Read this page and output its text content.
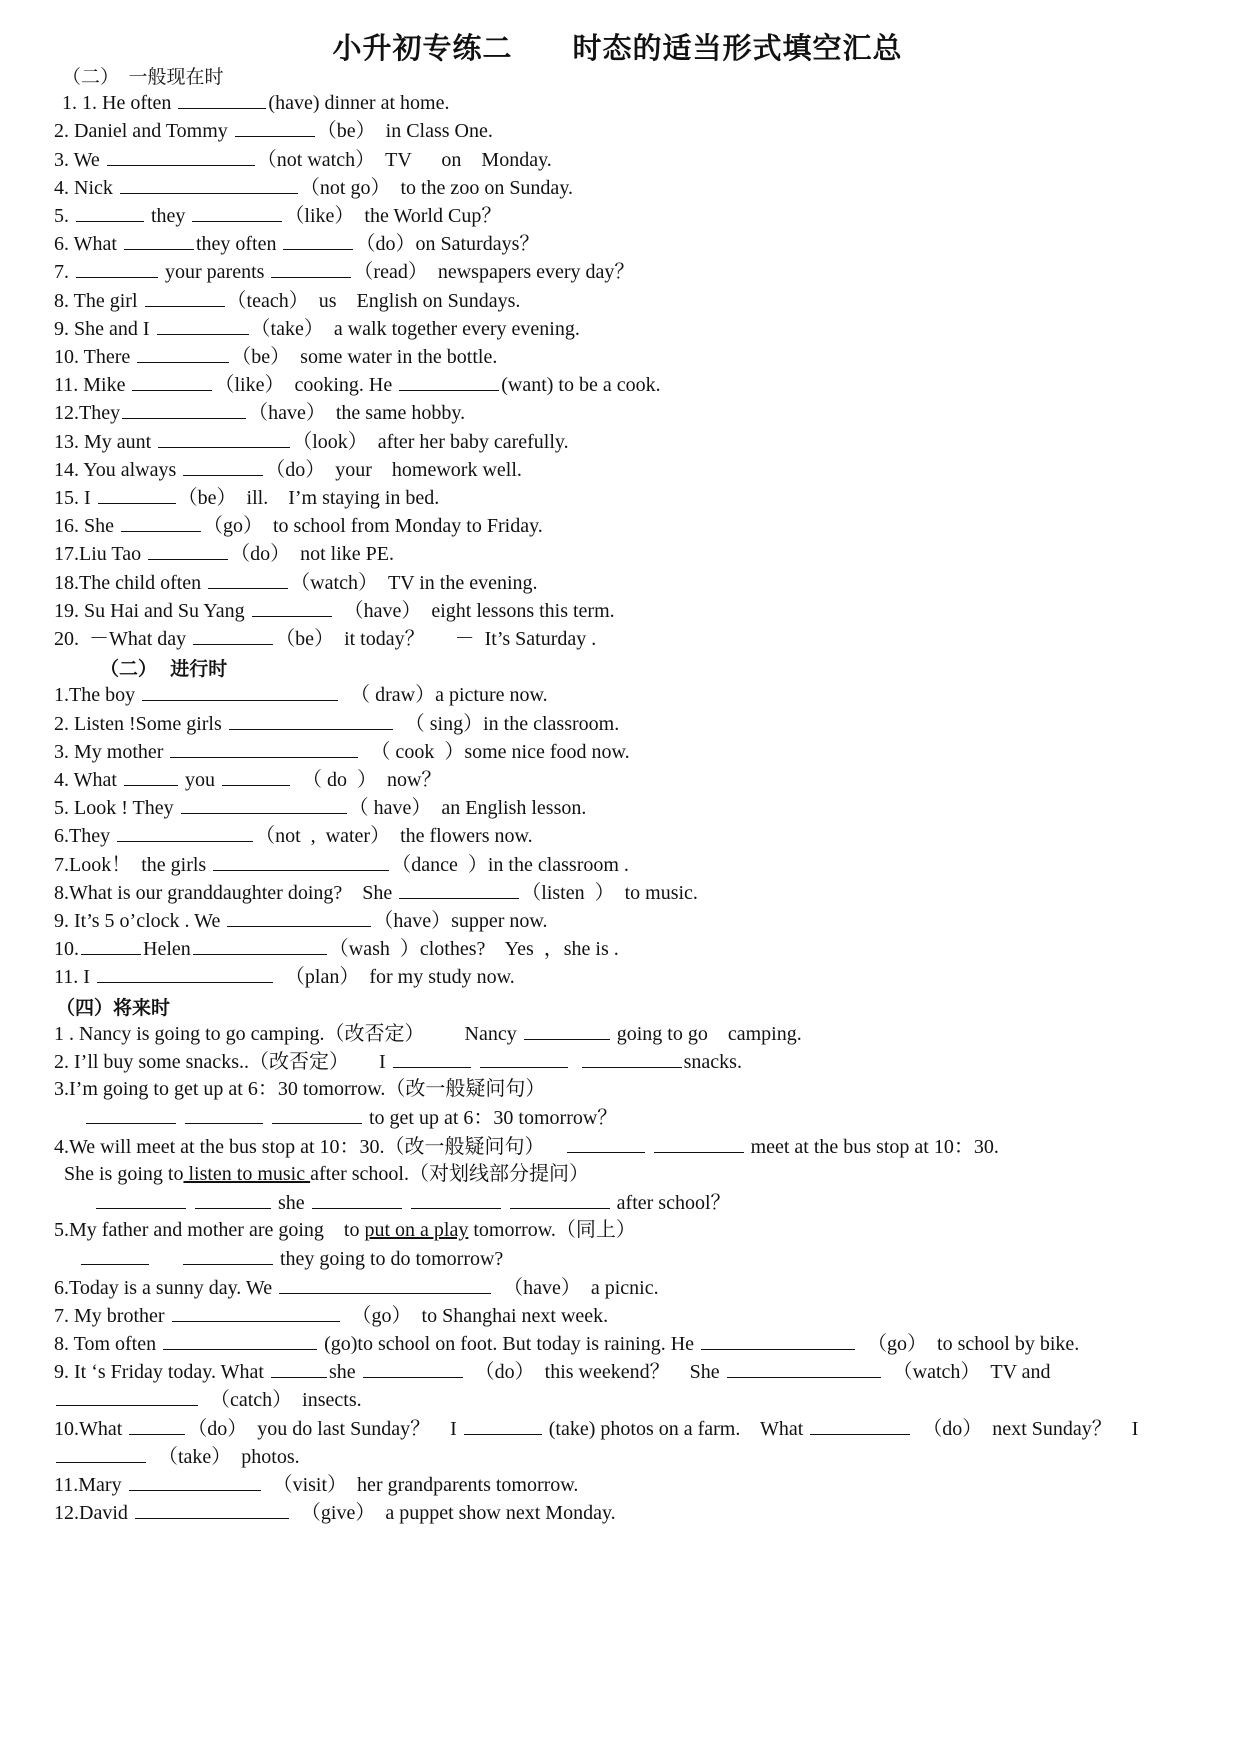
小升初专练二　　时态的适当形式填空汇总
（二）　一般现在时
1. 1. He often	(have) dinner at home.
2. Daniel and Tommy	（be）  in Class One.
3. We	（not watch）  TV      on    Monday.
4. Nick	（not go）  to the zoo on Sunday.
5.	they	（like）  the World Cup？
6. What	they often	（do）on Saturdays？
7.	your parents	（read）  newspapers every day？
8. The girl	（teach）  us    English on Sundays.
9. She and I	（take）  a walk together every evening.
10. There	（be）  some water in the bottle.
11. Mike	（like）  cooking. He	(want) to be a cook.
12.They	（have）  the same hobby.
13. My aunt	（look）  after her baby carefully.
14. You always	（do）  your    homework well.
15. I	（be）  ill.    I’m staying in bed.
16. She	（go）  to school from Monday to Friday.
17.Liu Tao	（do）  not like PE.
18.The child often	（watch）  TV in the evening.
19. Su Hai and Su Yang	（have）  eight lessons this term.
20.  －What day	（be）  it today？      －  It’s Saturday .
（二）  进行时
1.The boy	（ draw）a picture now.
2. Listen !Some girls	（ sing）in the classroom.
3. My mother	（ cook  ）some nice food now.
4. What	you	（ do  ）  now？
5. Look ! They	（ have）  an English lesson.
6.They	（not  ,  water）  the flowers now.
7.Look！  the girls	（dance  ）in the classroom .
8.What is our granddaughter doing?    She	（listen  ）  to music.
9. It’s 5 o’clock . We	（have）supper now.
10.	Helen	（wash  ）clothes?    Yes  ，she is .
11. I	（plan）  for my study now.
（四）将来时
1 . Nancy is going to go camping.（改否定）        Nancy	going to go    camping.
2. I’ll buy some snacks..（改否定）      I	snacks.
3.I’m going to get up at 6：30 tomorrow.（改一般疑问句）
to get up at 6：30 tomorrow？
4.We will meet at the bus stop at 10：30.（改一般疑问句）	meet at the bus stop at 10：30.
She is going to listen to music after school.（对划线部分提问）
she	after school？
5.My father and mother are going    to put on a play tomorrow.（同上）
they going to do tomorrow?
6.Today is a sunny day. We	（have）  a picnic.
7. My brother	（go）  to Shanghai next week.
8. Tom often	(go)to school on foot. But today is raining. He	（go）  to school by bike.
9. It ‘s Friday today. What	she	（do）  this weekend？    She	（watch）  TV and
（catch）  insects.
10.What	（do）  you do last Sunday？    I	(take) photos on a farm.    What	（do）  next Sunday？    I
（take）  photos.
11.Mary	（visit）  her grandparents tomorrow.
12.David	（give）  a puppet show next Monday.
